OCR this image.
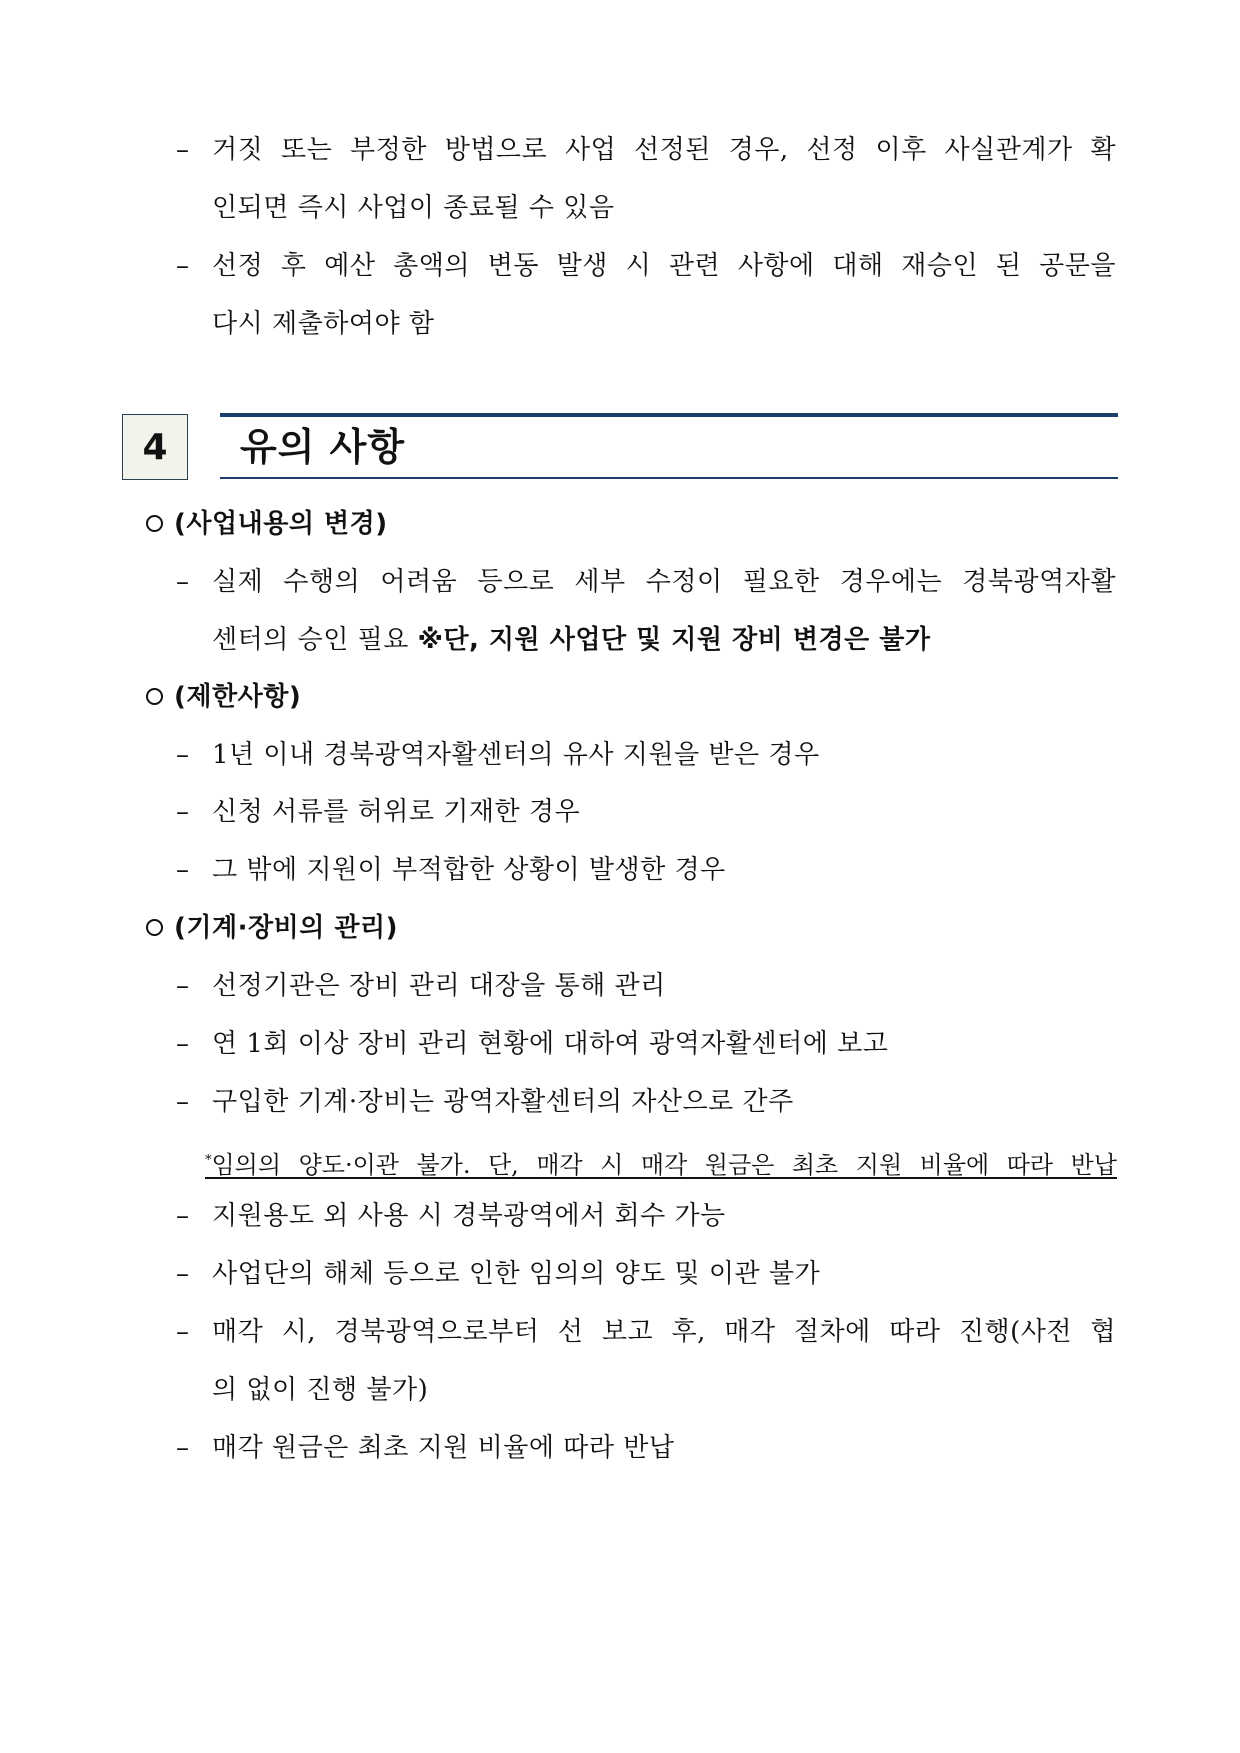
– 거짓 또는 부정한 방법으로 사업 선정된 경우, 선정 이후 사실관계가 확
인되면 즉시 사업이 종료될 수 있음
– 선정 후 예산 총액의 변동 발생 시 관련 사항에 대해 재승인 된 공문을
다시 제출하여야 함
4	유의 사항
(사업내용의 변경)
– 실제 수행의 어려움 등으로 세부 수정이 필요한 경우에는 경북광역자활
센터의 승인 필요 ※단, 지원 사업단 및 지원 장비 변경은 불가
(제한사항)
– 1년 이내 경북광역자활센터의 유사 지원을 받은 경우
– 신청 서류를 허위로 기재한 경우
– 그 밖에 지원이 부적합한 상황이 발생한 경우
(기계·장비의 관리)
– 선정기관은 장비 관리 대장을 통해 관리
– 연 1회 이상 장비 관리 현황에 대하여 광역자활센터에 보고
– 구입한 기계·장비는 광역자활센터의 자산으로 간주
*임의의 양도·이관 불가. 단, 매각 시 매각 원금은 최초 지원 비율에 따라 반납
– 지원용도 외 사용 시 경북광역에서 회수 가능
– 사업단의 해체 등으로 인한 임의의 양도 및 이관 불가
– 매각 시, 경북광역으로부터 선 보고 후, 매각 절차에 따라 진행(사전 협
의 없이 진행 불가)
– 매각 원금은 최초 지원 비율에 따라 반납
